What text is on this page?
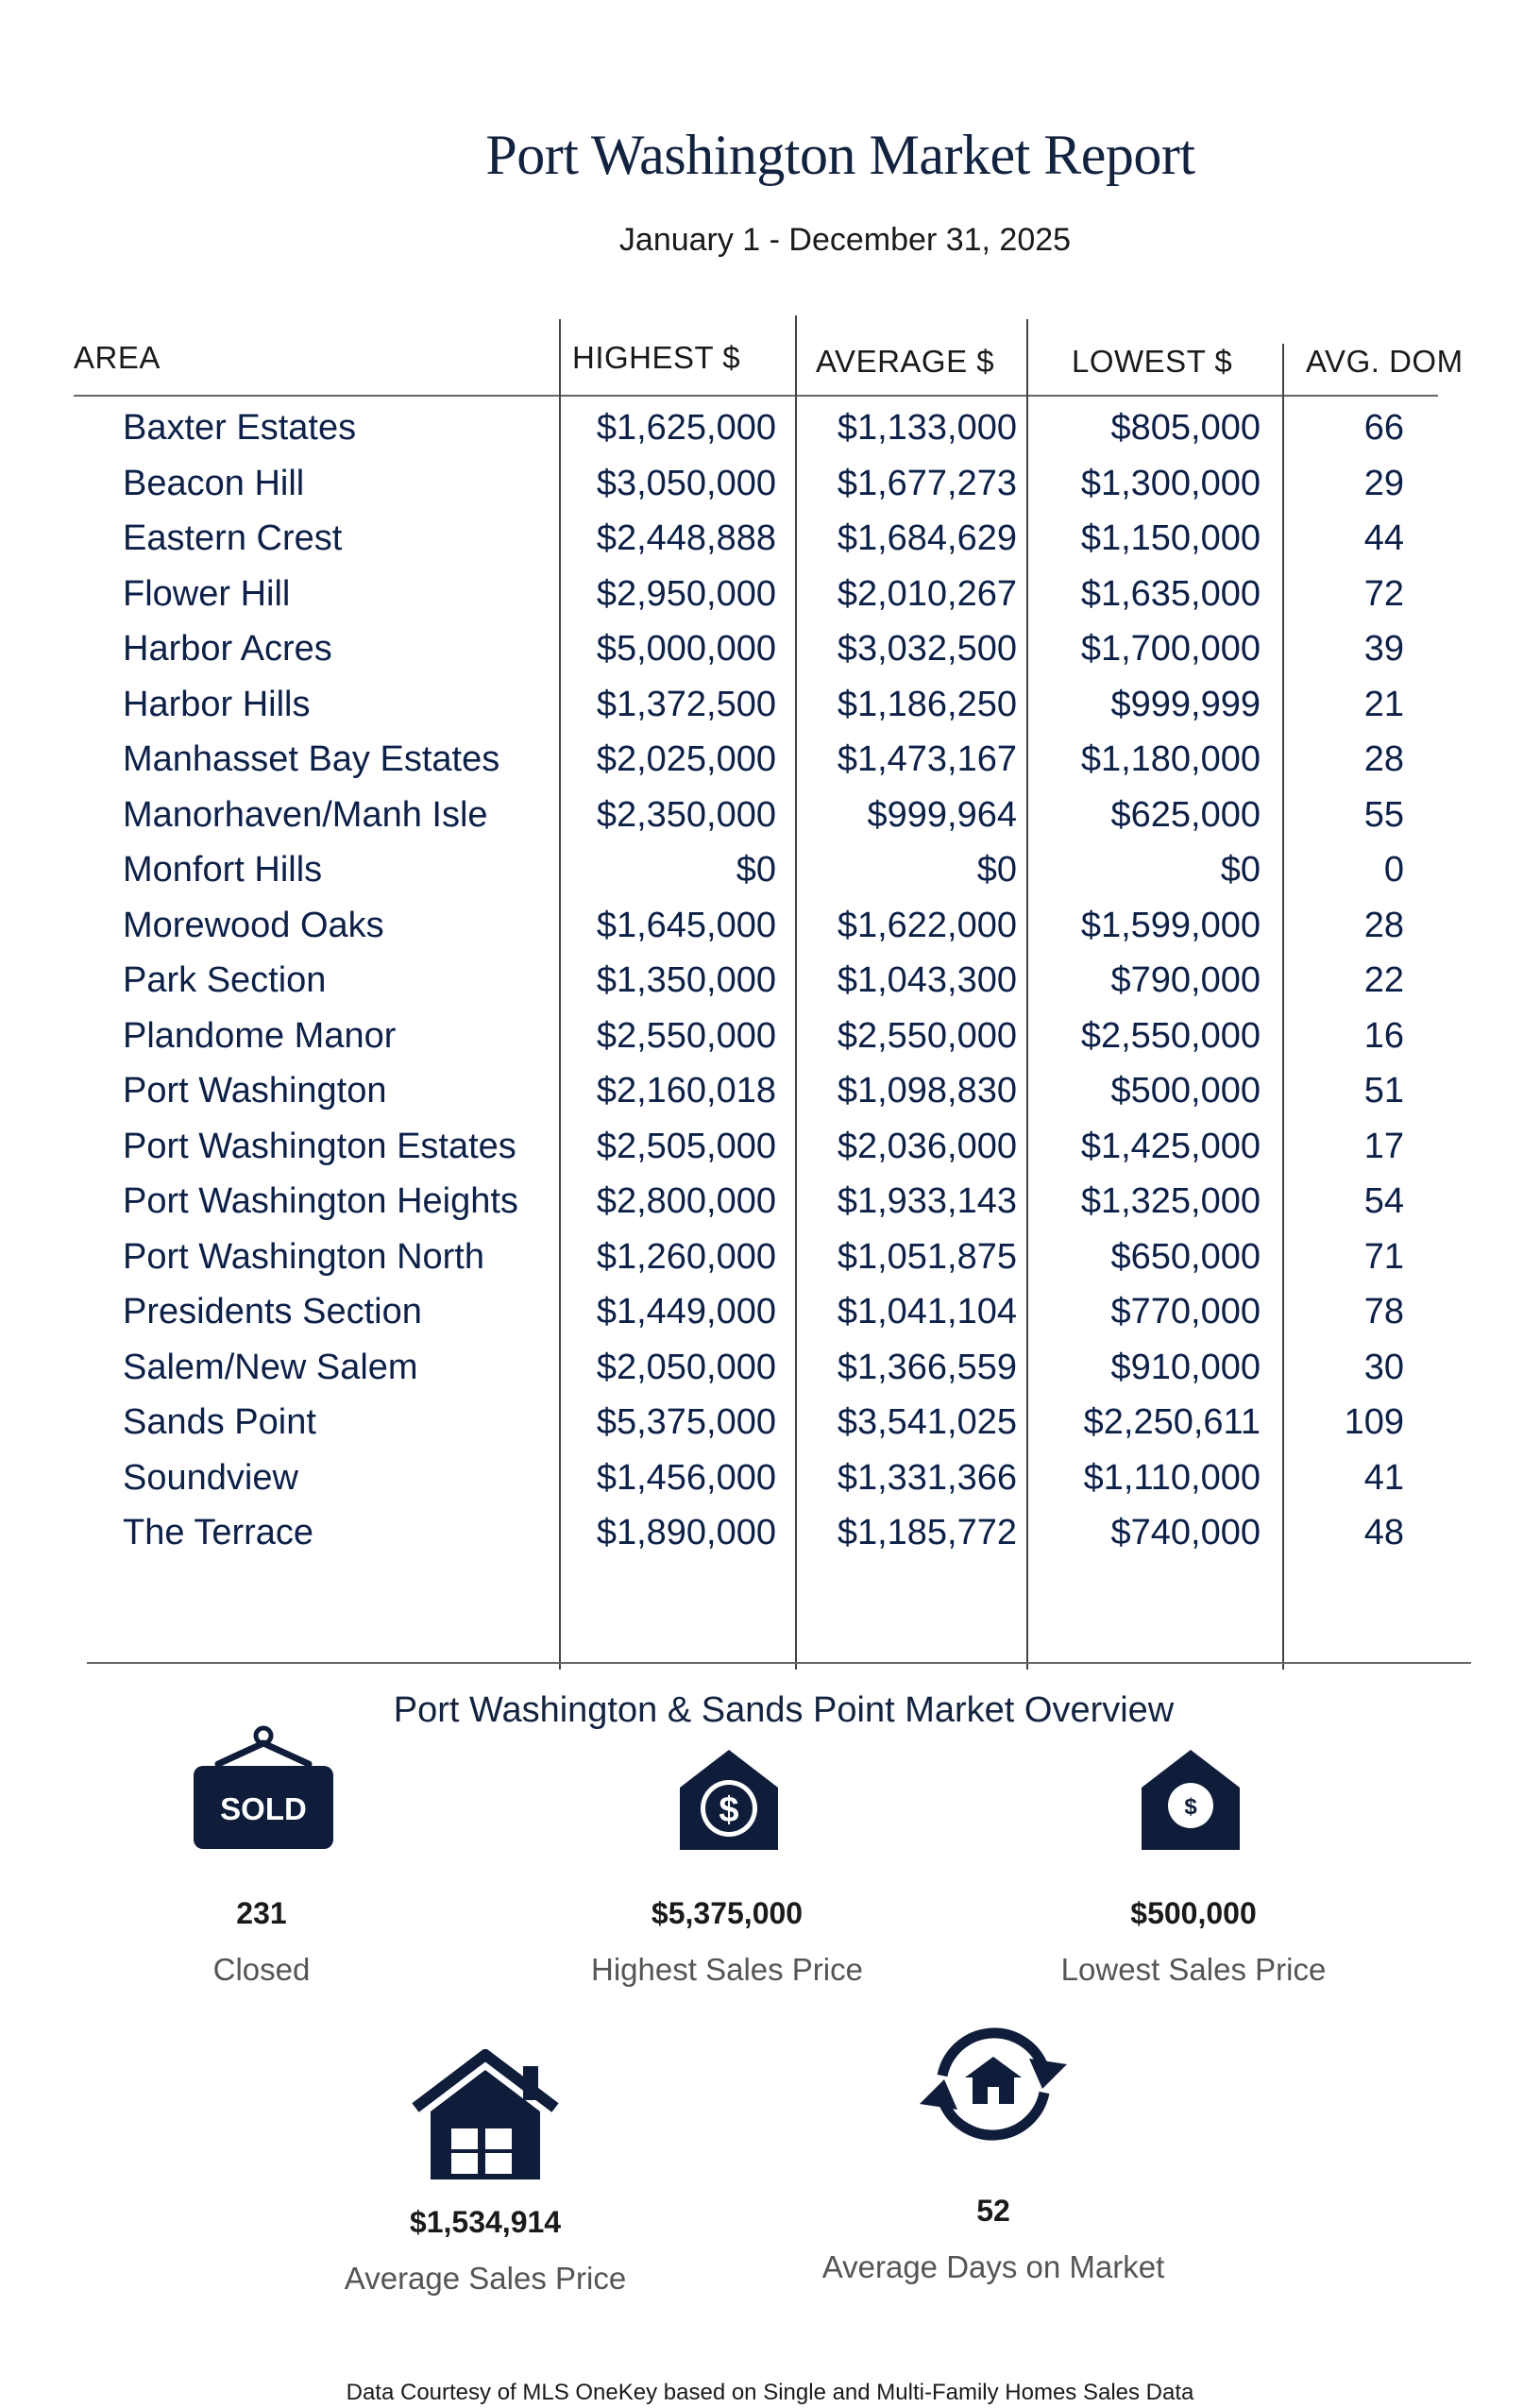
Port Washington Market Report
January 1 - December 31, 2025
AREA	HIGHEST $ AVERAGE $ LOWEST $ AVG. DOM
Baxter Estates	$1,625,000 $1,133,000	$805,000	66
Beacon Hill	$3,050,000 $1,677,273 $1,300,000	29
Eastern Crest	$2,448,888 $1,684,629 $1,150,000	44
Flower Hill	$2,950,000 $2,010,267 $1,635,000	72
Harbor Acres	$5,000,000 $3,032,500 $1,700,000	39
Harbor Hills	$1,372,500 $1,186,250	$999,999	21
Manhasset Bay Estates	$2,025,000 $1,473,167 $1,180,000	28
Manorhaven/Manh Isle	$2,350,000	$999,964	$625,000	55
Monfort Hills	$0	$0	$0	0
Morewood Oaks	$1,645,000 $1,622,000 $1,599,000	28
Park Section	$1,350,000 $1,043,300	$790,000	22
Plandome Manor	$2,550,000 $2,550,000 $2,550,000	16
Port Washington	$2,160,018 $1,098,830	$500,000	51
Port Washington Estates $2,505,000 $2,036,000 $1,425,000	17
Port Washington Heights $2,800,000 $1,933,143 $1,325,000	54
Port Washington North	$1,260,000 $1,051,875	$650,000	71
Presidents Section	$1,449,000 $1,041,104	$770,000	78
Salem/New Salem	$2,050,000 $1,366,559	$910,000	30
Sands Point	$5,375,000 $3,541,025 $2,250,611 109
Soundview	$1,456,000 $1,331,366 $1,110,000	41
The Terrace	$1,890,000 $1,185,772	$740,000	48
Port Washington & Sands Point Market Overview
SOLD	$	$
231
Closed
$5,375,000
Highest Sales Price
$500,000
Lowest Sales Price
$1,534,914
Average Sales Price
52
Average Days on Market
Data Courtesy of MLS OneKey based on Single and Multi-Family Homes Sales Data
